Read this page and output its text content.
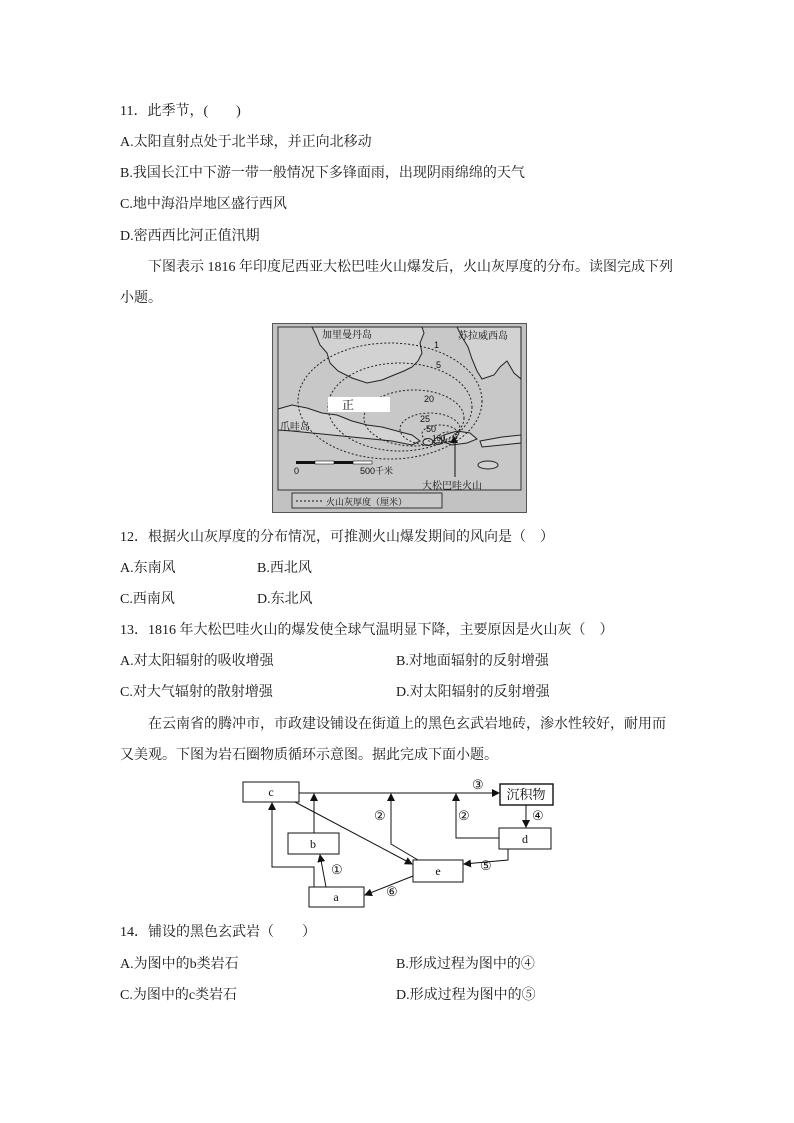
11．此季节，(　　)
A.太阳直射点处于北半球，并正向北移动
B.我国长江中下游一带一般情况下多锋面雨，出现阴雨绵绵的天气
C.地中海沿岸地区盛行西风
D.密西西比河正值汛期
下图表示 1816 年印度尼西亚大松巴哇火山爆发后，火山灰厚度的分布。读图完成下列
小题。
1
5
20
25
50
100
正
加里曼丹岛	苏拉威西岛
爪哇岛
大松巴哇火山
0	500千米
火山灰厚度（厘米）
12．根据火山灰厚度的分布情况，可推测火山爆发期间的风向是（　）
A.东南风	B.西北风
C.西南风	D.东北风
13．1816 年大松巴哇火山的爆发使全球气温明显下降，主要原因是火山灰（　）
A.对太阳辐射的吸收增强	B.对地面辐射的反射增强
C.对大气辐射的散射增强	D.对太阳辐射的反射增强
在云南省的腾冲市，市政建设铺设在街道上的黑色玄武岩地砖，渗水性较好，耐用而
又美观。下图为岩石圈物质循环示意图。据此完成下面小题。
c	沉积物
b
a
e
d
③
④
②
②
①	⑤
⑥
14．铺设的黑色玄武岩（　　）
A.为图中的b类岩石	B.形成过程为图中的④
C.为图中的c类岩石	D.形成过程为图中的⑤
